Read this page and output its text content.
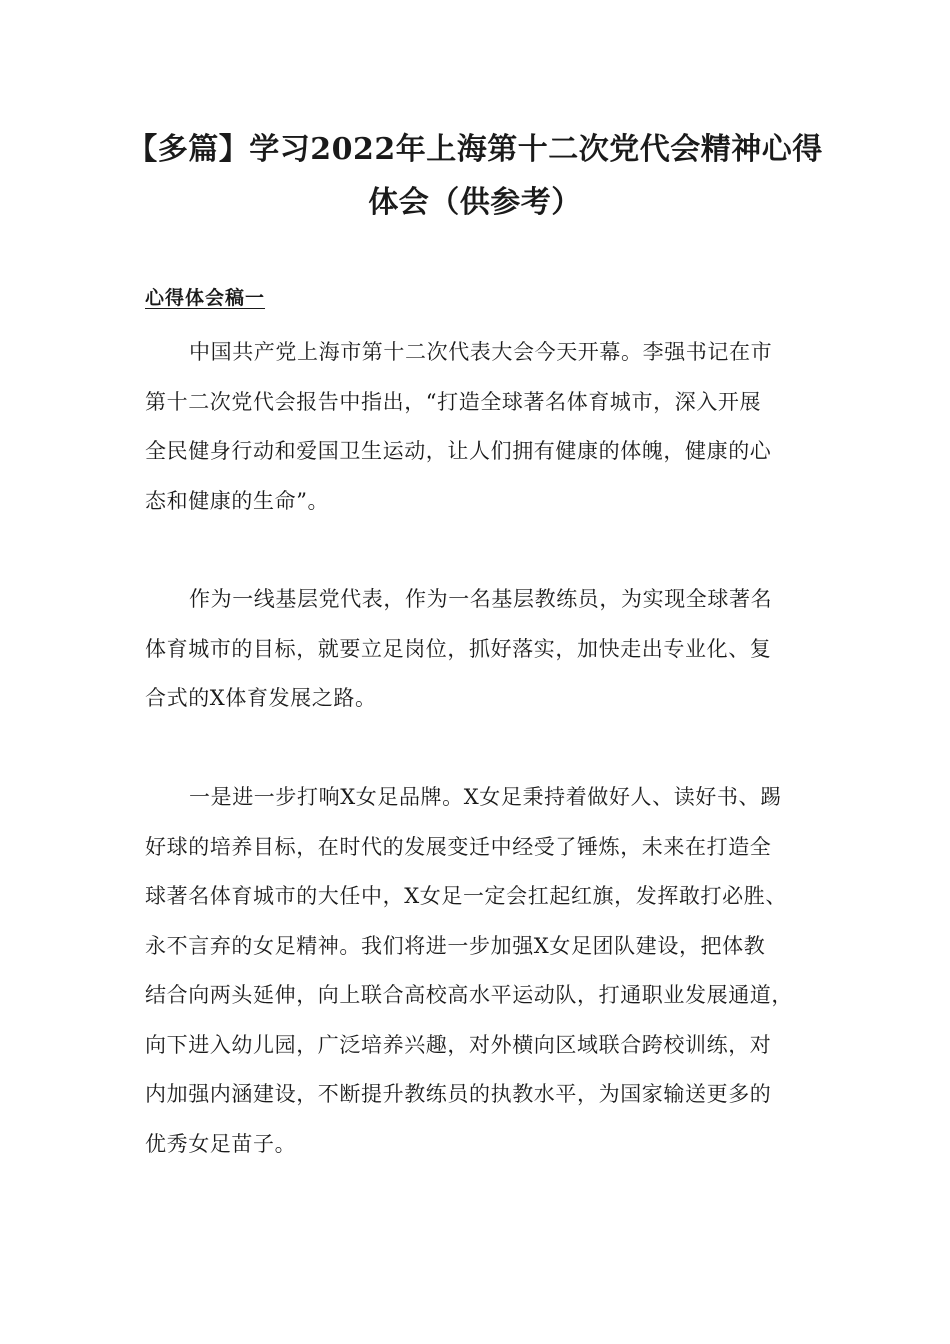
【多篇】学习2022年上海第十二次党代会精神心得
体会（供参考）
心得体会稿一
中国共产党上海市第十二次代表大会今天开幕。李强书记在市
第十二次党代会报告中指出，“打造全球著名体育城市，深入开展
全民健身行动和爱国卫生运动，让人们拥有健康的体魄，健康的心
态和健康的生命”。
作为一线基层党代表，作为一名基层教练员，为实现全球著名
体育城市的目标，就要立足岗位，抓好落实，加快走出专业化、复
合式的X体育发展之路。
一是进一步打响X女足品牌。X女足秉持着做好人、读好书、踢
好球的培养目标，在时代的发展变迁中经受了锤炼，未来在打造全
球著名体育城市的大任中，X女足一定会扛起红旗，发挥敢打必胜、
永不言弃的女足精神。我们将进一步加强X女足团队建设，把体教
结合向两头延伸，向上联合高校高水平运动队，打通职业发展通道，
向下进入幼儿园，广泛培养兴趣，对外横向区域联合跨校训练，对
内加强内涵建设，不断提升教练员的执教水平，为国家输送更多的
优秀女足苗子。
